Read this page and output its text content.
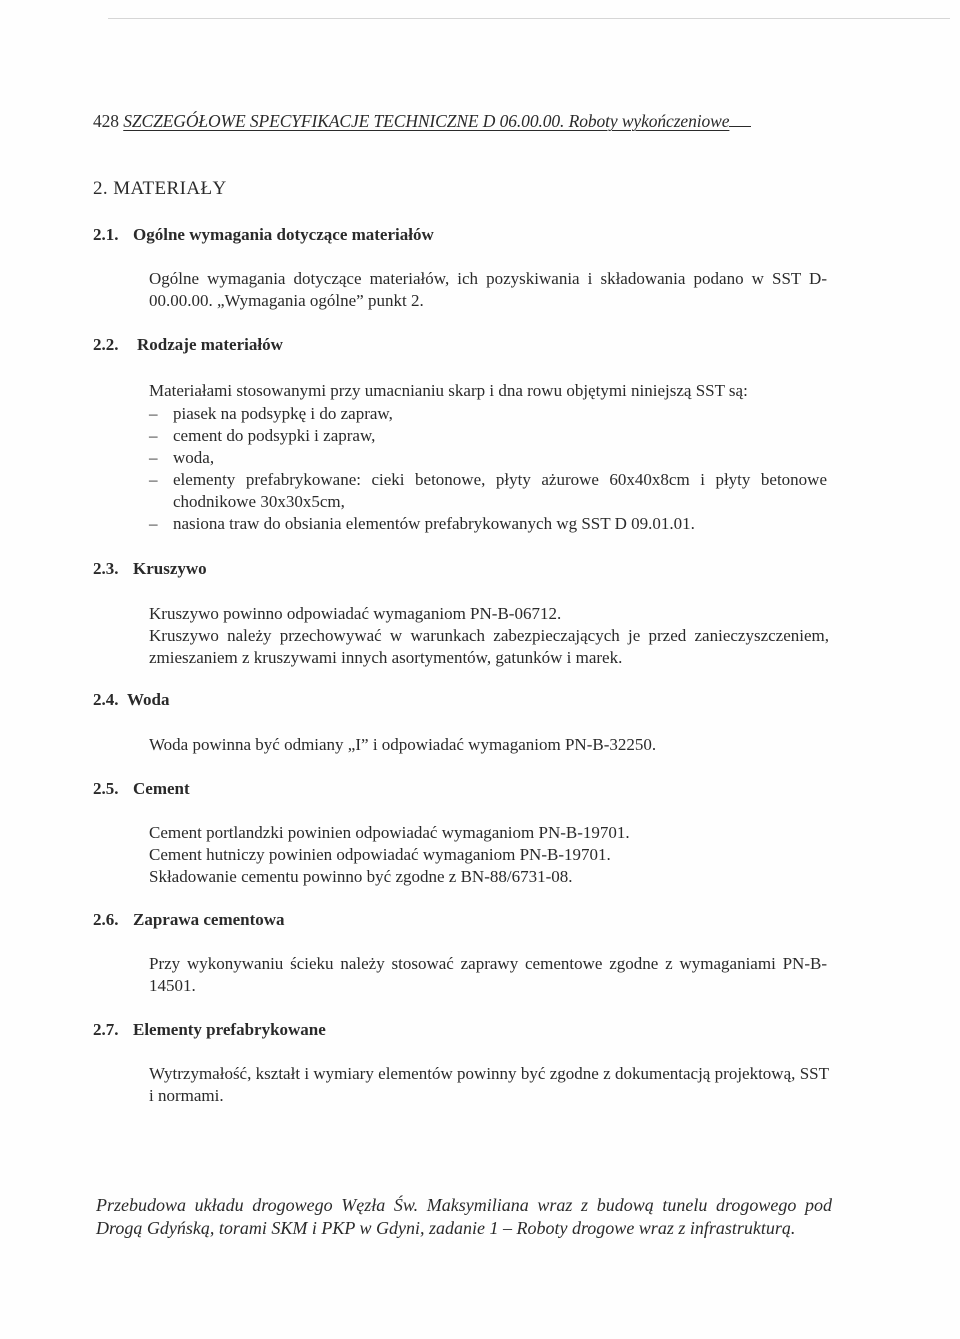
428 SZCZEGÓŁOWE SPECYFIKACJE TECHNICZNE D 06.00.00. Roboty wykończeniowe
2. MATERIAŁY
2.1. Ogólne wymagania dotyczące materiałów
Ogólne wymagania dotyczące materiałów, ich pozyskiwania i składowania podano w SST D-00.00.00. „Wymagania ogólne” punkt 2.
2.2. Rodzaje materiałów
Materiałami stosowanymi przy umacnianiu skarp i dna rowu objętymi niniejszą SST są:
– piasek na podsypkę i do zapraw,
– cement do podsypki i zapraw,
– woda,
– elementy prefabrykowane: cieki betonowe, płyty ażurowe 60x40x8cm i płyty betonowe chodnikowe 30x30x5cm,
– nasiona traw do obsiania elementów prefabrykowanych wg SST D 09.01.01.
2.3. Kruszywo
Kruszywo powinno odpowiadać wymaganiom PN-B-06712.
Kruszywo należy przechowywać w warunkach zabezpieczających je przed zanieczyszczeniem, zmieszaniem z kruszywami innych asortymentów, gatunków i marek.
2.4. Woda
Woda powinna być odmiany „I” i odpowiadać wymaganiom PN-B-32250.
2.5. Cement
Cement portlandzki powinien odpowiadać wymaganiom PN-B-19701.
Cement hutniczy powinien odpowiadać wymaganiom PN-B-19701.
Składowanie cementu powinno być zgodne z BN-88/6731-08.
2.6. Zaprawa cementowa
Przy wykonywaniu ścieku należy stosować zaprawy cementowe zgodne z wymaganiami PN-B-14501.
2.7. Elementy prefabrykowane
Wytrzymałość, kształt i wymiary elementów powinny być zgodne z dokumentacją projektową, SST i normami.
Przebudowa układu drogowego Węzła Św. Maksymiliana wraz z budową tunelu drogowego pod Drogą Gdyńską, torami SKM i PKP w Gdyni, zadanie 1 – Roboty drogowe wraz z infrastrukturą.
